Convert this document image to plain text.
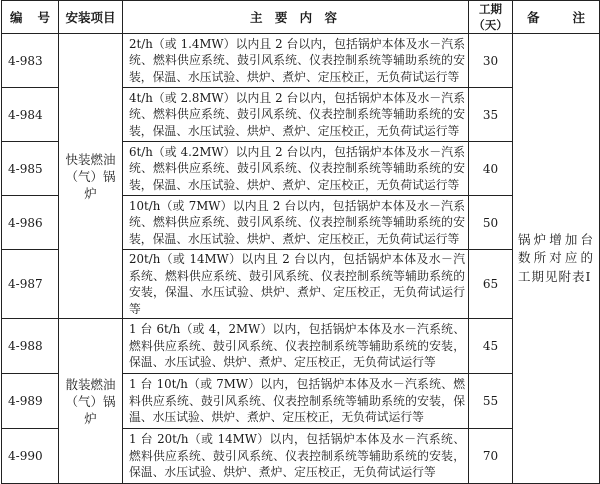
编 号	安装项目	主 要 内 容	工期（天）	备 注

4-983	快装燃油（气）锅炉	2t/h（或 1.4MW）以内且 2 台以内，包括锅炉本体及水－汽系统、燃料供应系统、鼓引风系统、仪表控制系统等辅助系统的安装，保温、水压试验、烘炉、煮炉、定压校正，无负荷试运行等	30	锅炉增加台数所对应的工期见附表Ⅰ
4-984		4t/h（或 2.8MW）以内且 2 台以内，包括锅炉本体及水－汽系统、燃料供应系统、鼓引风系统、仪表控制系统等辅助系统的安装，保温、水压试验、烘炉、煮炉、定压校正，无负荷试运行等	35	
4-985		6t/h（或 4.2MW）以内且 2 台以内，包括锅炉本体及水－汽系统、燃料供应系统、鼓引风系统、仪表控制系统等辅助系统的安装，保温、水压试验、烘炉、煮炉、定压校正，无负荷试运行等	40	
4-986		10t/h（或 7MW）以内且 2 台以内，包括锅炉本体及水－汽系统、燃料供应系统、鼓引风系统、仪表控制系统等辅助系统的安装，保温、水压试验、烘炉、煮炉、定压校正，无负荷试运行等	50	
4-987		20t/h（或 14MW）以内且 2 台以内，包括锅炉本体及水－汽系统、燃料供应系统、鼓引风系统、仪表控制系统等辅助系统的安装，保温、水压试验、烘炉、煮炉、定压校正，无负荷试运行等	65	
4-988	散装燃油（气）锅炉	1 台 6t/h（或 4，2MW）以内，包括锅炉本体及水－汽系统、燃料供应系统、鼓引风系统、仪表控制系统等辅助系统的安装，保温、水压试验、烘炉、煮炉、定压校正，无负荷试运行等	45	
4-989		1 台 10t/h（或 7MW）以内，包括锅炉本体及水－汽系统、燃料供应系统、鼓引风系统、仪表控制系统等辅助系统的安装，保温、水压试验、烘炉、煮炉、定压校正，无负荷试运行等	55	
4-990		1 台 20t/h（或 14MW）以内，包括锅炉本体及水－汽系统、燃料供应系统、鼓引风系统、仪表控制系统等辅助系统的安装，保温、水压试验、烘炉、煮炉、定压校正，无负荷试运行等	70	
